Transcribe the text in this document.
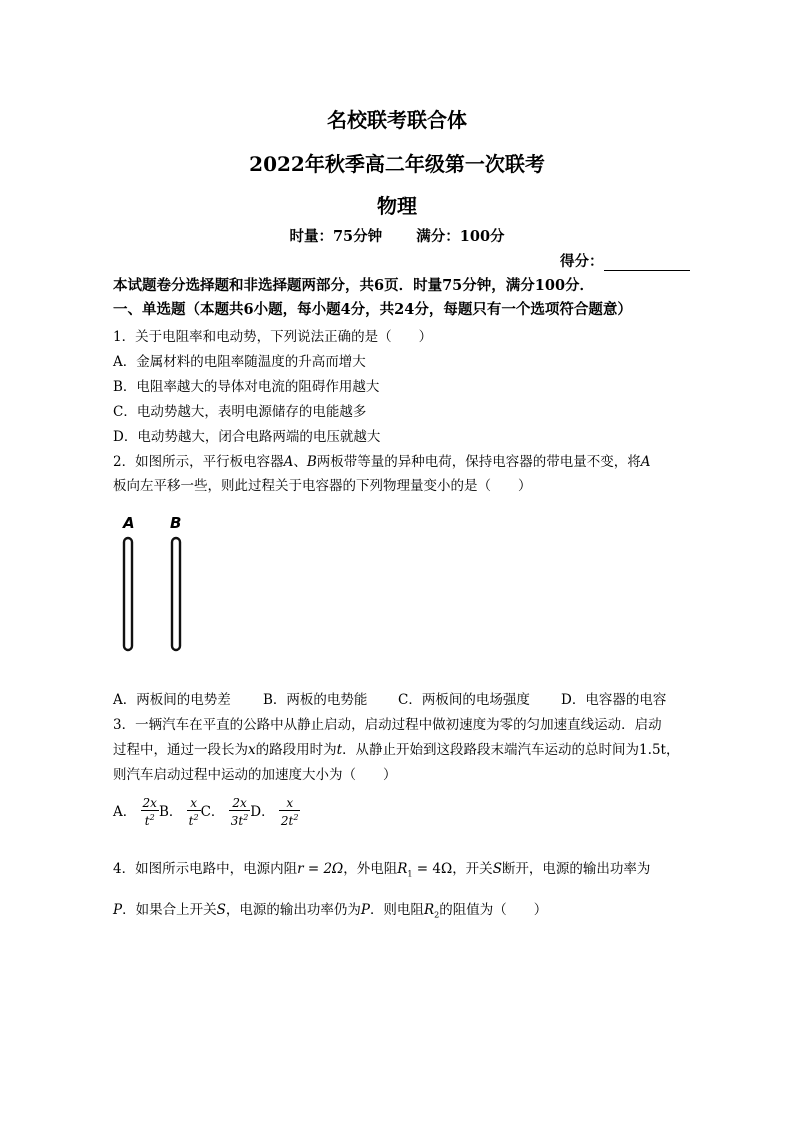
名校联考联合体
2022年秋季高二年级第一次联考
物理
时量：75分钟 满分：100分
得分：
本试题卷分选择题和非选择题两部分，共6页．时量75分钟，满分100分．
一、单选题（本题共6小题，每小题4分，共24分，每题只有一个选项符合题意）
1．关于电阻率和电动势，下列说法正确的是（　　）
A．金属材料的电阻率随温度的升高而增大
B．电阻率越大的导体对电流的阻碍作用越大
C．电动势越大，表明电源储存的电能越多
D．电动势越大，闭合电路两端的电压就越大
2．如图所示，平行板电容器A、B两板带等量的异种电荷，保持电容器的带电量不变，将A
板向左平移一些，则此过程关于电容器的下列物理量变小的是（　　）
A B
A．两板间的电势差 B．两板的电势能 C．两板间的电场强度 D．电容器的电容
3．一辆汽车在平直的公路中从静止启动，启动过程中做初速度为零的匀加速直线运动．启动
过程中，通过一段长为x的路段用时为t．从静止开始到这段路段末端汽车运动的总时间为1.5t，
则汽车启动过程中运动的加速度大小为（　　）
A． $\frac{2x}{t^2}$ B． $\frac{x}{t^2}$ C． $\frac{2x}{3t^2}$ D． $\frac{x}{2t^2}$
4．如图所示电路中，电源内阻r = 2Ω，外电阻$R_1 = 4\Omega$，开关S断开，电源的输出功率为
P．如果合上开关S，电源的输出功率仍为P．则电阻$R_2$的阻值为（　　）
